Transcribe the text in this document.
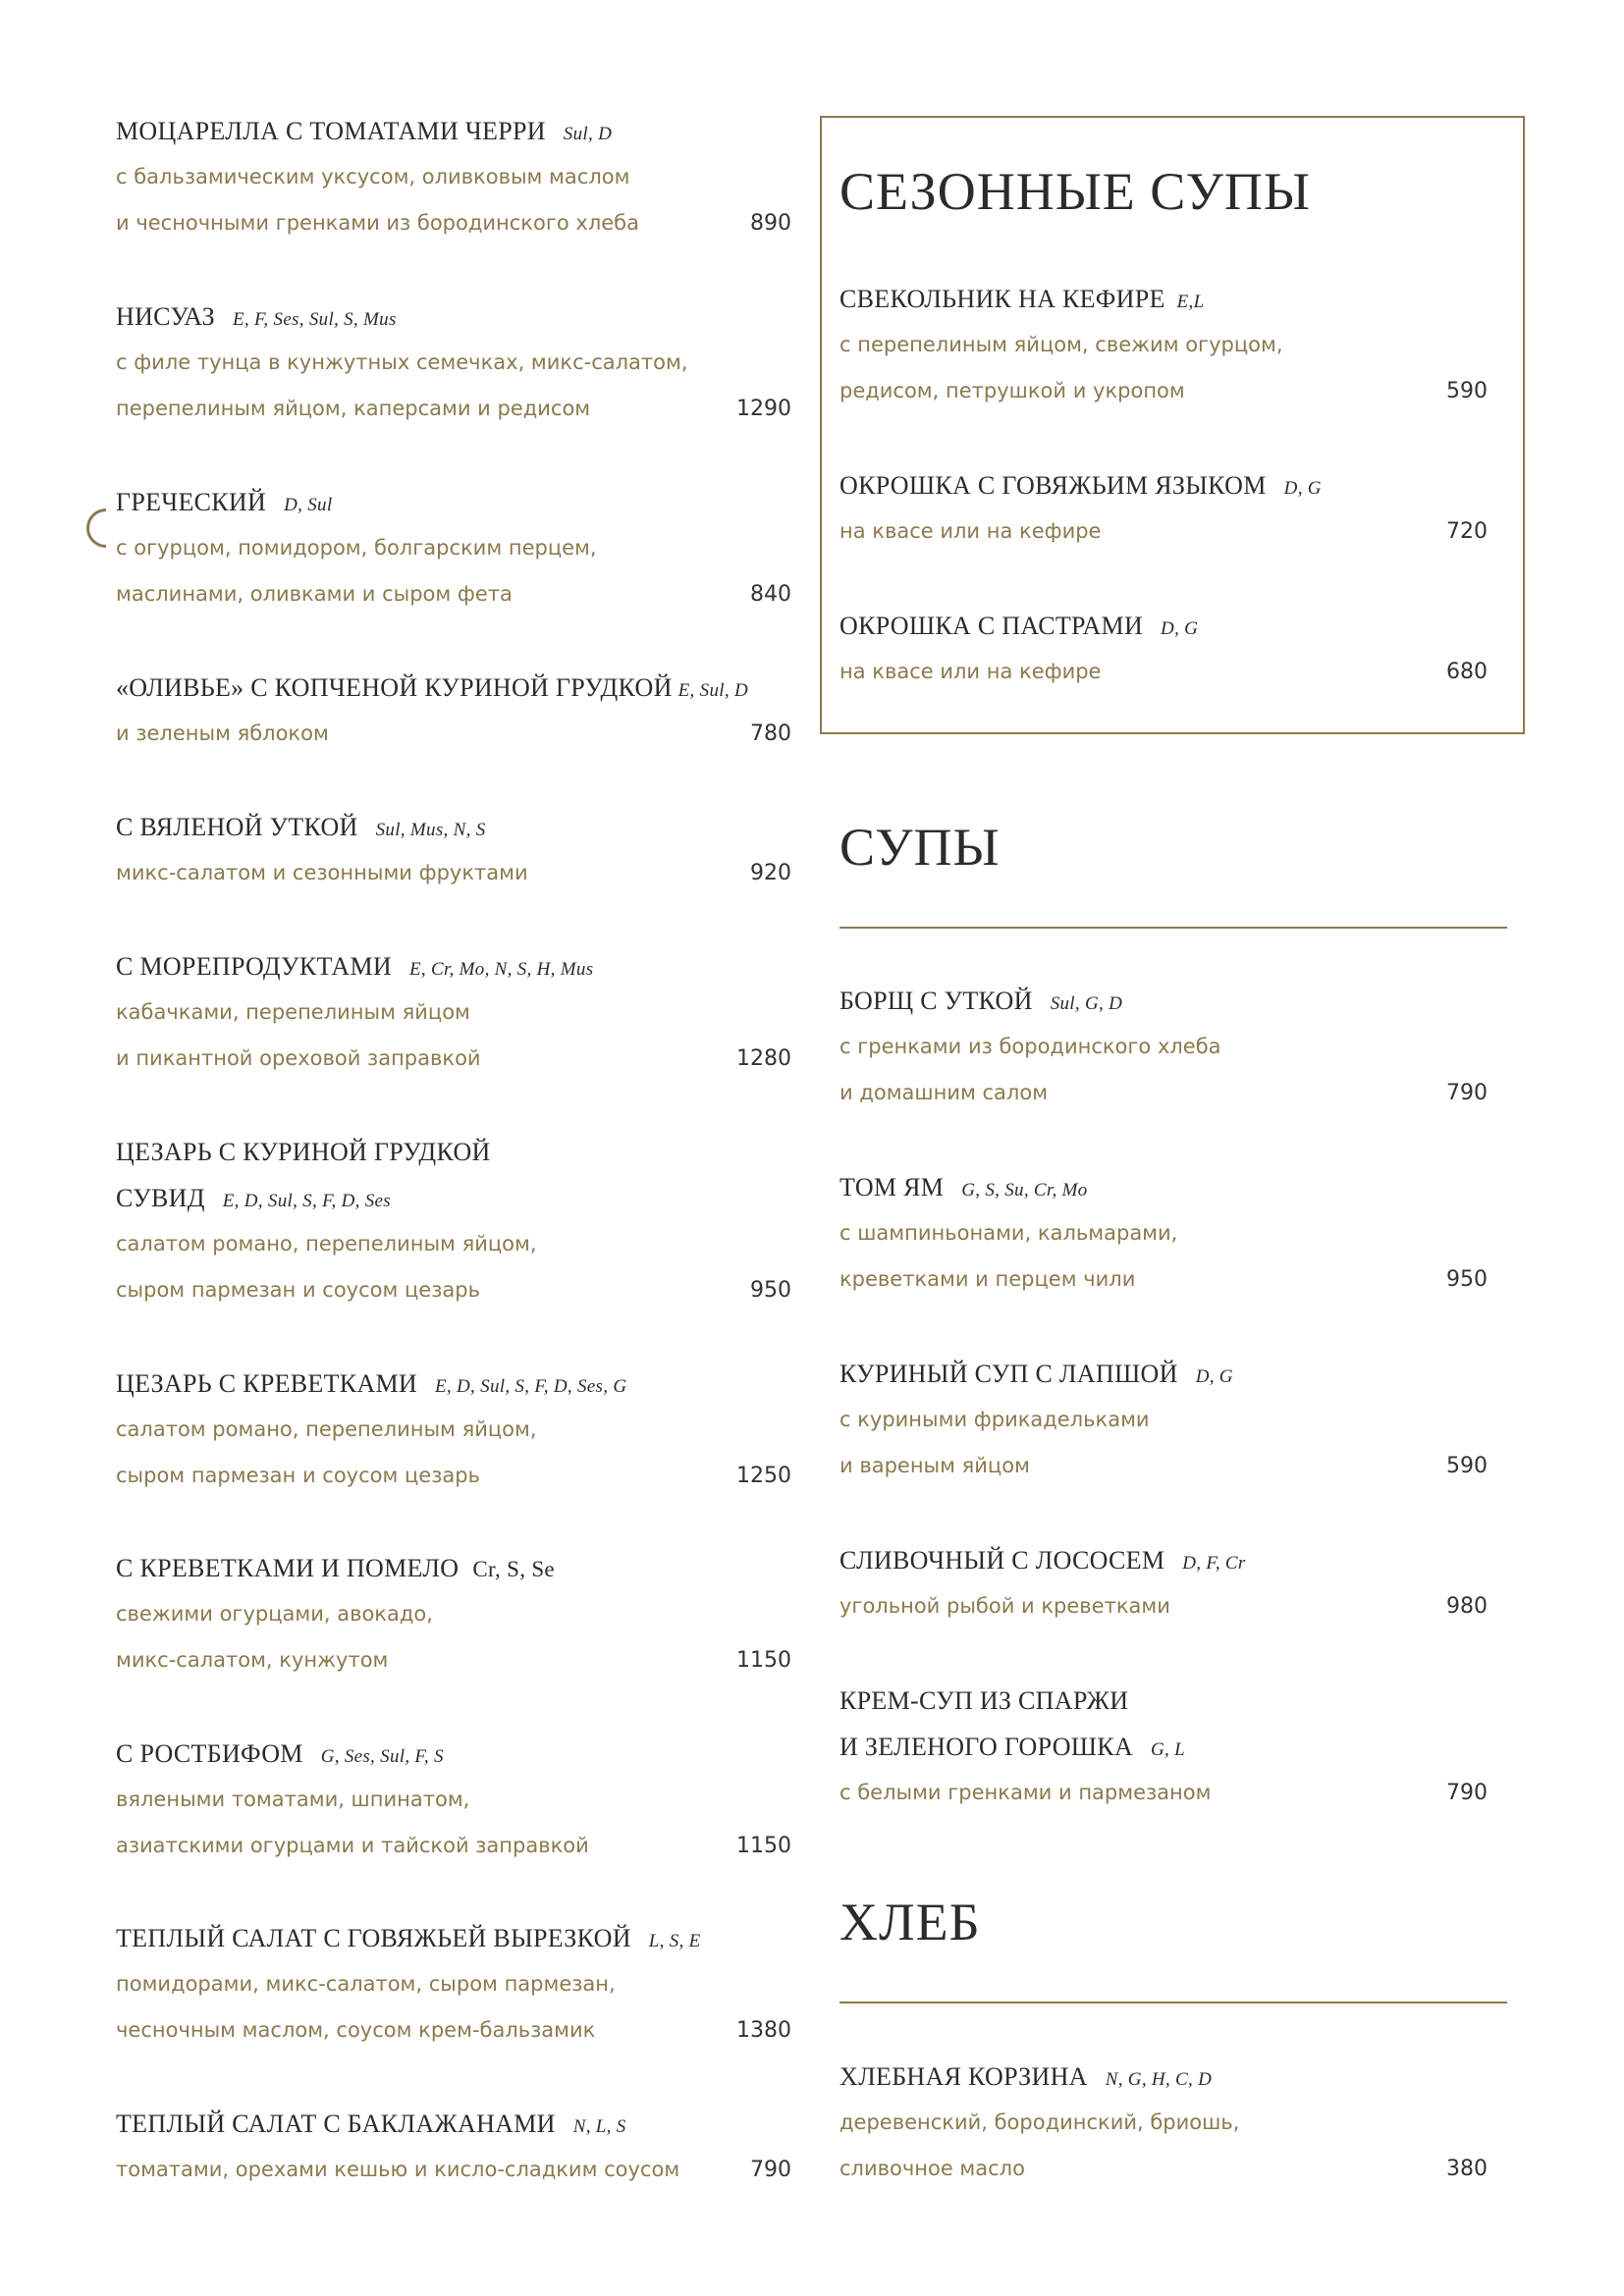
МОЦАРЕЛЛА С ТОМАТАМИ ЧЕРРИ Sul, D
с бальзамическим уксусом, оливковым маслом
и чесночными гренками из бородинского хлеба	890
НИСУАЗ E, F, Ses, Sul, S, Mus
с филе тунца в кунжутных семечках, микс-салатом,
перепелиным яйцом, каперсами и редисом	1290
ГРЕЧЕСКИЙ D, Sul
с огурцом, помидором, болгарским перцем,
маслинами, оливками и сыром фета	840
«ОЛИВЬЕ» С КОПЧЕНОЙ КУРИНОЙ ГРУДКОЙ E, Sul, D
и зеленым яблоком	780
С ВЯЛЕНОЙ УТКОЙ Sul, Mus, N, S
микс-салатом и сезонными фруктами	920
С МОРЕПРОДУКТАМИ E, Cr, Mo, N, S, H, Mus
кабачками, перепелиным яйцом
и пикантной ореховой заправкой	1280
ЦЕЗАРЬ С КУРИНОЙ ГРУДКОЙ
СУВИД E, D, Sul, S, F, D, Ses
салатом романо, перепелиным яйцом,
сыром пармезан и соусом цезарь	950
ЦЕЗАРЬ С КРЕВЕТКАМИ E, D, Sul, S, F, D, Ses, G
салатом романо, перепелиным яйцом,
сыром пармезан и соусом цезарь	1250
С КРЕВЕТКАМИ И ПОМЕЛО Cr, S, Se
свежими огурцами, авокадо,
микс-салатом, кунжутом	1150
С РОСТБИФОМ G, Ses, Sul, F, S
вялеными томатами, шпинатом,
азиатскими огурцами и тайской заправкой	1150
ТЕПЛЫЙ САЛАТ С ГОВЯЖЬЕЙ ВЫРЕЗКОЙ L, S, E
помидорами, микс-салатом, сыром пармезан,
чесночным маслом, соусом крем-бальзамик	1380
ТЕПЛЫЙ САЛАТ С БАКЛАЖАНАМИ N, L, S
томатами, орехами кешью и кисло-сладким соусом	790
СЕЗОННЫЕ СУПЫ
СВЕКОЛЬНИК НА КЕФИРЕ E,L
с перепелиным яйцом, свежим огурцом,
редисом, петрушкой и укропом	590
ОКРОШКА С ГОВЯЖЬИМ ЯЗЫКОМ D, G
на квасе или на кефире	720
ОКРОШКА С ПАСТРАМИ D, G
на квасе или на кефире	680
СУПЫ
БОРЩ С УТКОЙ Sul, G, D
с гренками из бородинского хлеба
и домашним салом	790
ТОМ ЯМ G, S, Su, Cr, Mo
с шампиньонами, кальмарами,
креветками и перцем чили	950
КУРИНЫЙ СУП С ЛАПШОЙ D, G
с куриными фрикадельками
и вареным яйцом	590
СЛИВОЧНЫЙ С ЛОСОСЕМ D, F, Cr
угольной рыбой и креветками	980
КРЕМ-СУП ИЗ СПАРЖИ
И ЗЕЛЕНОГО ГОРОШКА G, L
с белыми гренками и пармезаном	790
ХЛЕБ
ХЛЕБНАЯ КОРЗИНА N, G, H, C, D
деревенский, бородинский, бриошь,
сливочное масло	380
